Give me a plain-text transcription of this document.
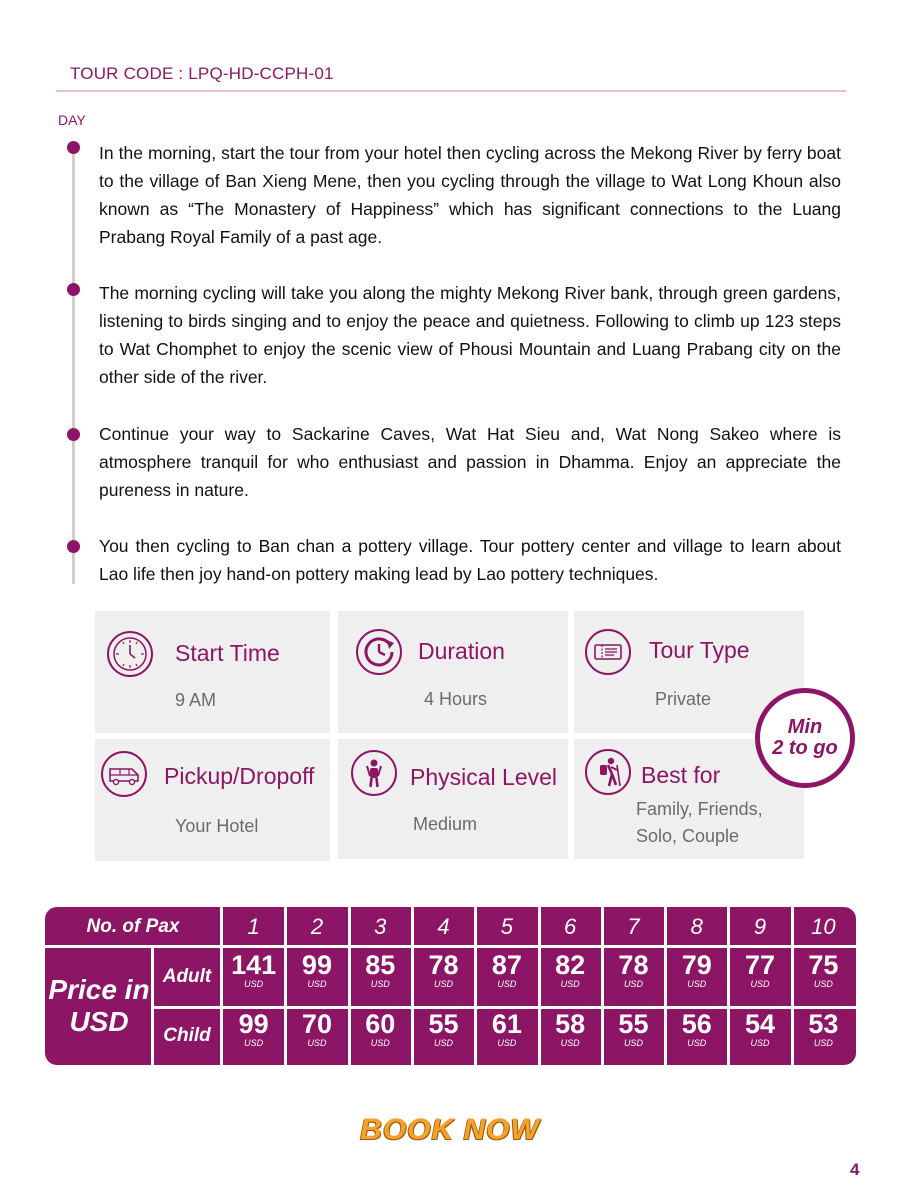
TOUR CODE : LPQ-HD-CCPH-01
DAY
In the morning, start the tour from your hotel then cycling across the Mekong River by ferry boat to the village of Ban Xieng Mene, then you cycling through the village to Wat Long Khoun also known as “The Monastery of Happiness” which has significant connections to the Luang Prabang Royal Family of a past age.
The morning cycling will take you along the mighty Mekong River bank, through green gardens, listening to birds singing and to enjoy the peace and quietness. Following to climb up 123 steps to Wat Chomphet to enjoy the scenic view of Phousi Mountain and Luang Prabang city on the other side of the river.
Continue your way to Sackarine Caves, Wat Hat Sieu and, Wat Nong Sakeo where is atmosphere tranquil for who enthusiast and passion in Dhamma. Enjoy an appreciate the pureness in nature.
You then cycling to Ban chan a pottery village. Tour pottery center and village to learn about Lao life then joy hand-on pottery making lead by Lao pottery techniques.
Start Time
9 AM
Duration
4 Hours
Tour Type
Private
Pickup/Dropoff
Your Hotel
Physical Level
Medium
Best for
Family, Friends,
Solo, Couple
Min
2 to go
No. of Pax
Price in
USD
Adult
Child
1
141
USD
99
USD
2
99
USD
70
USD
3
85
USD
60
USD
4
78
USD
55
USD
5
87
USD
61
USD
6
82
USD
58
USD
7
78
USD
55
USD
8
79
USD
56
USD
9
77
USD
54
USD
10
75
USD
53
USD
BOOK NOW
4
